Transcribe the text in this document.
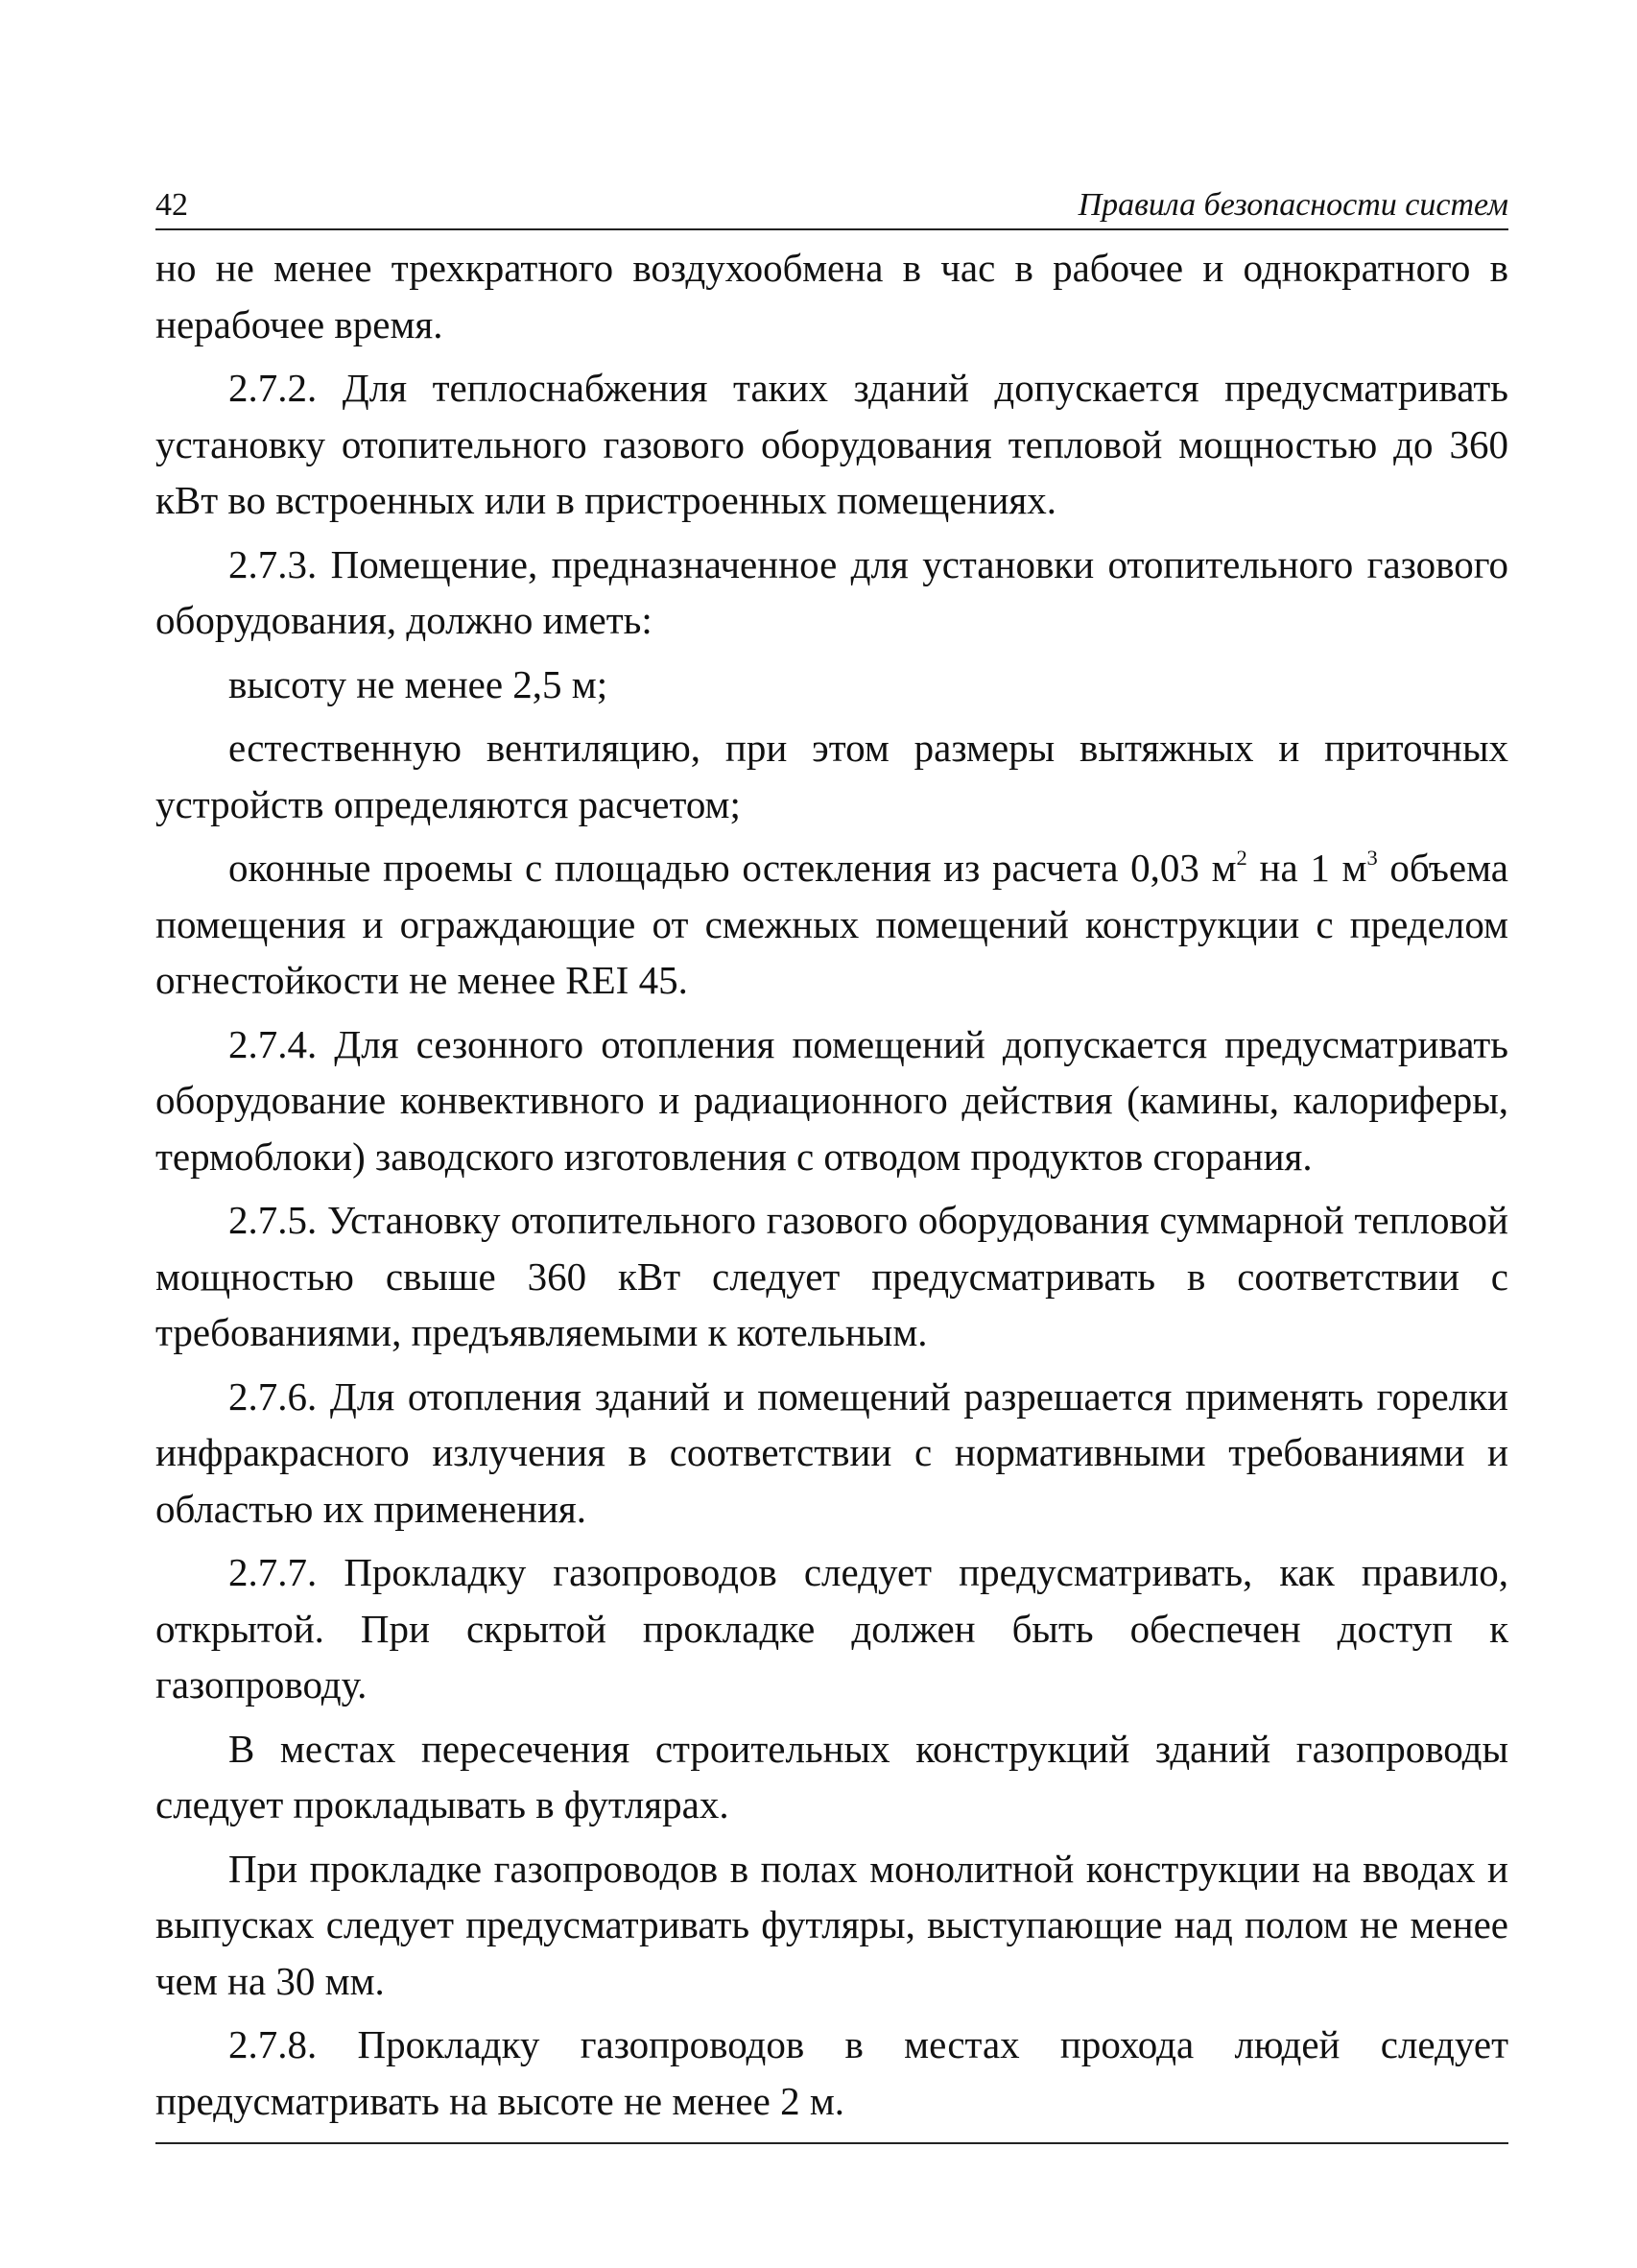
42	Правила безопасности систем

но не менее трехкратного воздухообмена в час в рабочее и однократного в нерабочее время.

2.7.2. Для теплоснабжения таких зданий допускается предусматривать установку отопительного газового оборудования тепловой мощностью до 360 кВт во встроенных или в пристроенных помещениях.

2.7.3. Помещение, предназначенное для установки отопительного газового оборудования, должно иметь:

высоту не менее 2,5 м;

естественную вентиляцию, при этом размеры вытяжных и приточных устройств определяются расчетом;

оконные проемы с площадью остекления из расчета 0,03 $м^2$ на 1 $м^3$ объема помещения и ограждающие от смежных помещений конструкции с пределом огнестойкости не менее REI 45.

2.7.4. Для сезонного отопления помещений допускается предусматривать оборудование конвективного и радиационного действия (камины, калориферы, термоблоки) заводского изготовления с отводом продуктов сгорания.

2.7.5. Установку отопительного газового оборудования суммарной тепловой мощностью свыше 360 кВт следует предусматривать в соответствии с требованиями, предъявляемыми к котельным.

2.7.6. Для отопления зданий и помещений разрешается применять горелки инфракрасного излучения в соответствии с нормативными требованиями и областью их применения.

2.7.7. Прокладку газопроводов следует предусматривать, как правило, открытой. При скрытой прокладке должен быть обеспечен доступ к газопроводу.

В местах пересечения строительных конструкций зданий газопроводы следует прокладывать в футлярах.

При прокладке газопроводов в полах монолитной конструкции на вводах и выпусках следует предусматривать футляры, выступающие над полом не менее чем на 30 мм.

2.7.8. Прокладку газопроводов в местах прохода людей следует предусматривать на высоте не менее 2 м.
